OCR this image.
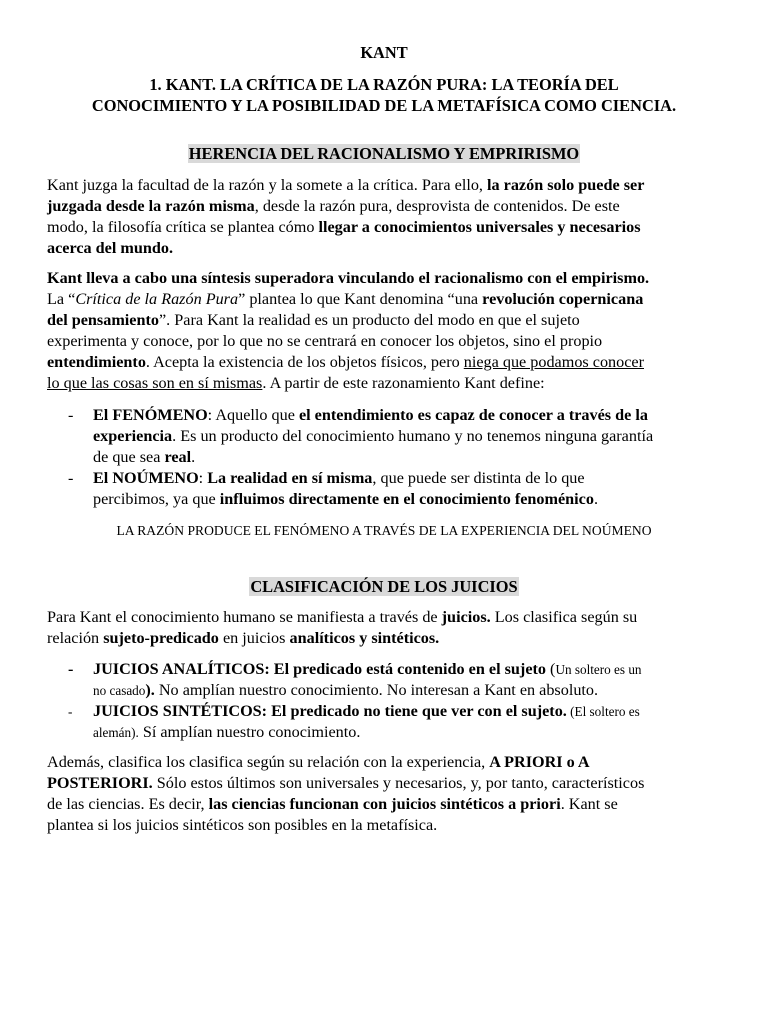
KANT
1. KANT. LA CRÍTICA DE LA RAZÓN PURA: LA TEORÍA DEL
CONOCIMIENTO Y LA POSIBILIDAD DE LA METAFÍSICA COMO CIENCIA.
HERENCIA DEL RACIONALISMO Y EMPRIRISMO
Kant juzga la facultad de la razón y la somete a la crítica. Para ello, la razón solo puede ser
juzgada desde la razón misma, desde la razón pura, desprovista de contenidos. De este
modo, la filosofía crítica se plantea cómo llegar a conocimientos universales y necesarios
acerca del mundo.
Kant lleva a cabo una síntesis superadora vinculando el racionalismo con el empirismo.
La “Crítica de la Razón Pura” plantea lo que Kant denomina “una revolución copernicana
del pensamiento”. Para Kant la realidad es un producto del modo en que el sujeto
experimenta y conoce, por lo que no se centrará en conocer los objetos, sino el propio
entendimiento. Acepta la existencia de los objetos físicos, pero niega que podamos conocer
lo que las cosas son en sí mismas. A partir de este razonamiento Kant define:
- El FENÓMENO: Aquello que el entendimiento es capaz de conocer a través de la
experiencia. Es un producto del conocimiento humano y no tenemos ninguna garantía
de que sea real.
- El NOÚMENO: La realidad en sí misma, que puede ser distinta de lo que
percibimos, ya que influimos directamente en el conocimiento fenoménico.
LA RAZÓN PRODUCE EL FENÓMENO A TRAVÉS DE LA EXPERIENCIA DEL NOÚMENO
CLASIFICACIÓN DE LOS JUICIOS
Para Kant el conocimiento humano se manifiesta a través de juicios. Los clasifica según su
relación sujeto-predicado en juicios analíticos y sintéticos.
- JUICIOS ANALÍTICOS: El predicado está contenido en el sujeto (Un soltero es un
no casado). No amplían nuestro conocimiento. No interesan a Kant en absoluto.
- JUICIOS SINTÉTICOS: El predicado no tiene que ver con el sujeto. (El soltero es
alemán). Sí amplían nuestro conocimiento.
Además, clasifica los clasifica según su relación con la experiencia, A PRIORI o A
POSTERIORI. Sólo estos últimos son universales y necesarios, y, por tanto, característicos
de las ciencias. Es decir, las ciencias funcionan con juicios sintéticos a priori. Kant se
plantea si los juicios sintéticos son posibles en la metafísica.
